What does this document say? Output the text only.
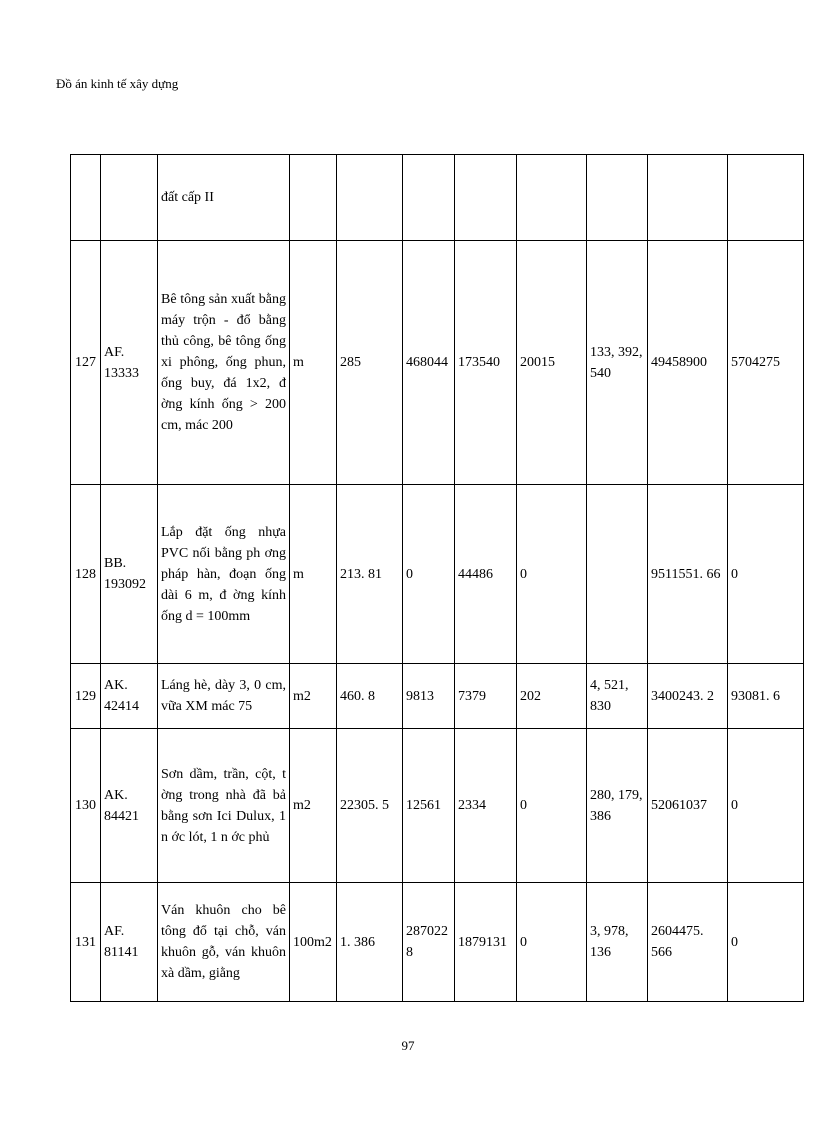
Đồ án kinh tế xây dựng
		đất cấp II								
127	AF. 13333	Bê tông sản xuất bằng máy trộn - đổ bằng thủ công, bê tông ống xi phông, ống phun, ống buy, đá 1x2, đ ờng kính ống > 200 cm, mác 200	m	285	468044	173540	20015	133, 392, 540	49458900	5704275
128	BB. 193092	Lắp đặt ống nhựa PVC nối bằng ph ơng pháp hàn, đoạn ống dài 6 m, đ ờng kính ống d = 100mm	m	213. 81	0	44486	0		9511551. 66	0
129	AK. 42414	Láng hè, dày 3, 0 cm, vữa XM mác 75	m2	460. 8	9813	7379	202	4, 521, 830	3400243. 2	93081. 6
130	AK. 84421	Sơn dầm, trần, cột, t ờng trong nhà đã bả bằng sơn Ici Dulux, 1 n ớc lót, 1 n ớc phủ	m2	22305. 5	12561	2334	0	280, 179, 386	52061037	0
131	AF. 81141	Ván khuôn cho bê tông đổ tại chỗ, ván khuôn gỗ, ván khuôn xà dầm, giằng	100m2	1. 386	287022 8	1879131	0	3, 978, 136	2604475. 566	0
97
